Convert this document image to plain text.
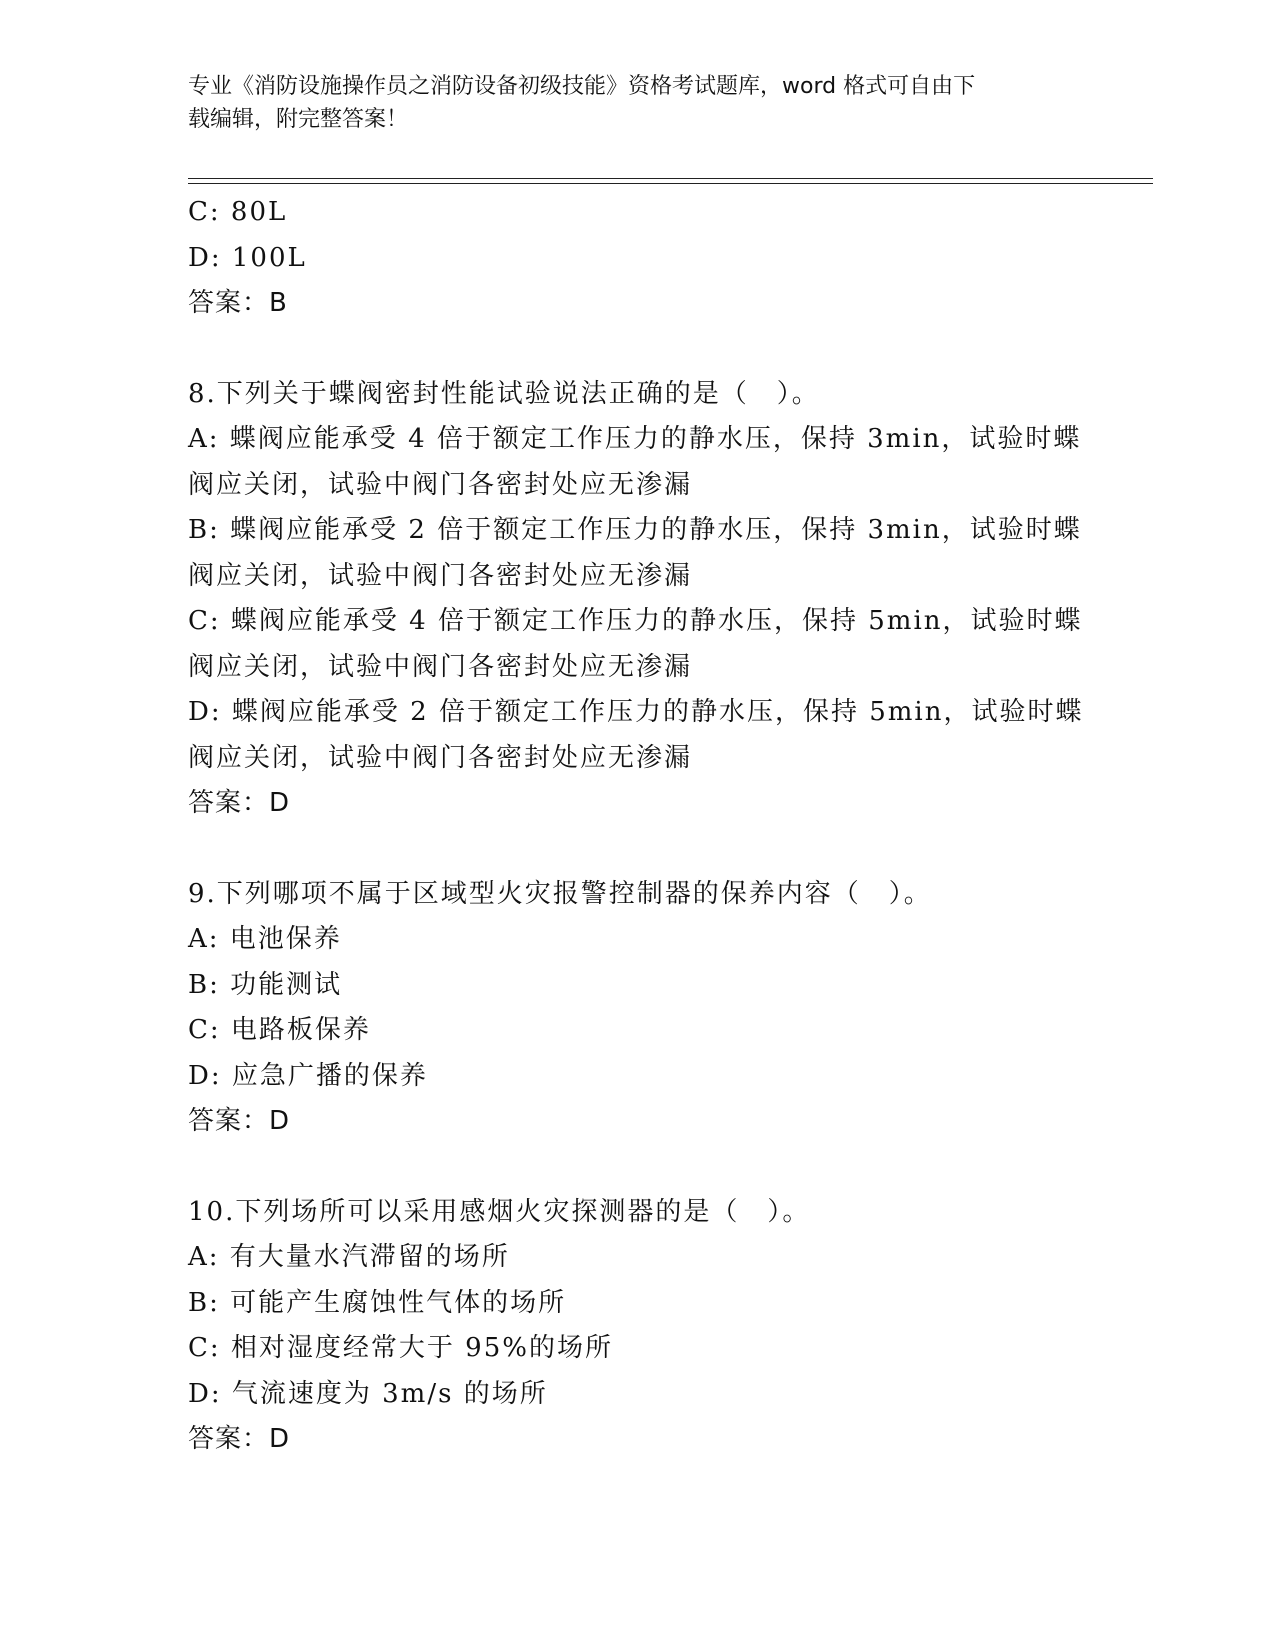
专业《消防设施操作员之消防设备初级技能》资格考试题库，word 格式可自由下
载编辑，附完整答案！
C: 80L
D: 100L
答案：B
8.下列关于蝶阀密封性能试验说法正确的是（　）。
A: 蝶阀应能承受 4 倍于额定工作压力的静水压，保持 3min，试验时蝶
阀应关闭，试验中阀门各密封处应无渗漏
B: 蝶阀应能承受 2 倍于额定工作压力的静水压，保持 3min，试验时蝶
阀应关闭，试验中阀门各密封处应无渗漏
C: 蝶阀应能承受 4 倍于额定工作压力的静水压，保持 5min，试验时蝶
阀应关闭，试验中阀门各密封处应无渗漏
D: 蝶阀应能承受 2 倍于额定工作压力的静水压，保持 5min，试验时蝶
阀应关闭，试验中阀门各密封处应无渗漏
答案：D
9.下列哪项不属于区域型火灾报警控制器的保养内容（　）。
A: 电池保养
B: 功能测试
C: 电路板保养
D: 应急广播的保养
答案：D
10.下列场所可以采用感烟火灾探测器的是（　）。
A: 有大量水汽滞留的场所
B: 可能产生腐蚀性气体的场所
C: 相对湿度经常大于 95%的场所
D: 气流速度为 3m/s 的场所
答案：D
